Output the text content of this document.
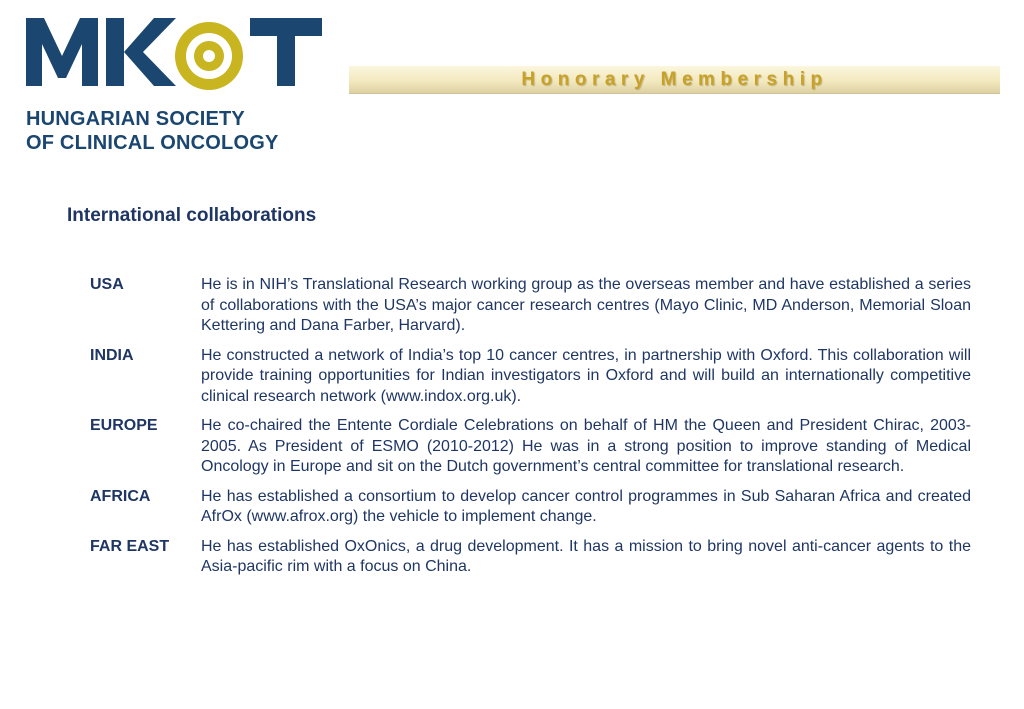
HUNGARIAN SOCIETY
OF CLINICAL ONCOLOGY
Honorary Membership
International collaborations
USA	He is in NIH’s Translational Research working group as the overseas member and have established a series of collaborations with the USA’s major cancer research centres (Mayo Clinic, MD Anderson, Memorial Sloan Kettering and Dana Farber, Harvard).
INDIA	He constructed a network of India’s top 10 cancer centres, in partnership with Oxford. This collaboration will provide training opportunities for Indian investigators in Oxford and will build an internationally competitive clinical research network (www.indox.org.uk).
EUROPE	He co-chaired the Entente Cordiale Celebrations on behalf of HM the Queen and President Chirac, 2003-2005. As President of ESMO (2010-2012) He was in a strong position to improve standing of Medical Oncology in Europe and sit on the Dutch government’s central committee for translational research.
AFRICA	He has established a consortium to develop cancer control programmes in Sub Saharan Africa and created AfrOx (www.afrox.org) the vehicle to implement change.
FAR EAST	He has established OxOnics, a drug development. It has a mission to bring novel anti-cancer agents to the Asia-pacific rim with a focus on China.
